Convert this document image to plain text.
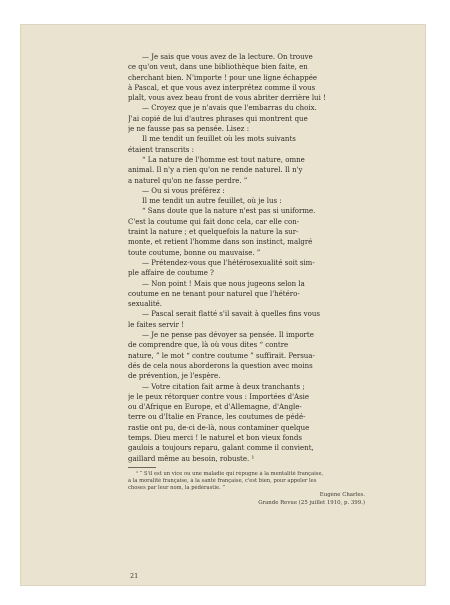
— Je sais que vous avez de la lecture. On trouve
ce qu'on veut, dans une bibliothèque bien faite, en
cherchant bien. N'importe ! pour une ligne échappée
à Pascal, et que vous avez interprétez comme il vous
plaît, vous avez beau front de vous abriter derrière lui !
— Croyez que je n'avais que l'embarras du choix.
J'ai copié de lui d'autres phrases qui montrent que
je ne fausse pas sa pensée. Lisez :
Il me tendit un feuillet où les mots suivants
étaient transcrits :
“ La nature de l'homme est tout nature, omne
animal. Il n'y a rien qu'on ne rende naturel. Il n'y
a naturel qu'on ne fasse perdre. ”
— Ou si vous préférez :
Il me tendit un autre feuillet, où je lus :
“ Sans doute que la nature n'est pas si uniforme.
C'est la coutume qui fait donc cela, car elle con-
traint la nature ; et quelquefois la nature la sur-
monte, et retient l'homme dans son instinct, malgré
toute coutume, bonne ou mauvaise. ”
— Prétendez-vous que l'hétérosexualité soit sim-
ple affaire de coutume ?
— Non point ! Mais que nous jugeons selon la
coutume en ne tenant pour naturel que l'hétéro-
sexualité.
— Pascal serait flatté s'il savait à quelles fins vous
le faites servir !
— Je ne pense pas dévoyer sa pensée. Il importe
de comprendre que, là où vous dites “ contre
nature, ” le mot “ contre coutume ” suffirait. Persua-
dés de cela nous aborderons la question avec moins
de prévention, je l'espère.
— Votre citation fait arme à deux tranchants ;
je le peux rétorquer contre vous : Importées d'Asie
ou d'Afrique en Europe, et d'Allemagne, d'Angle-
terre ou d'Italie en France, les coutumes de pédé-
rastie ont pu, de-ci de-là, nous contaminer quelque
temps. Dieu merci ! le naturel et bon vieux fonds
gaulois a toujours reparu, galant comme il convient,
gaillard même au besoin, robuste. ¹
¹ “ S'il est un vice ou une maladie qui répugne à la mentalité française,
à la moralité française, à la santé française, c'est bien, pour appeler les
choses par leur nom, la pédérastie. ”
Eugène Charles.
Grande Revue (25 juillet 1910, p. 399.)
21
